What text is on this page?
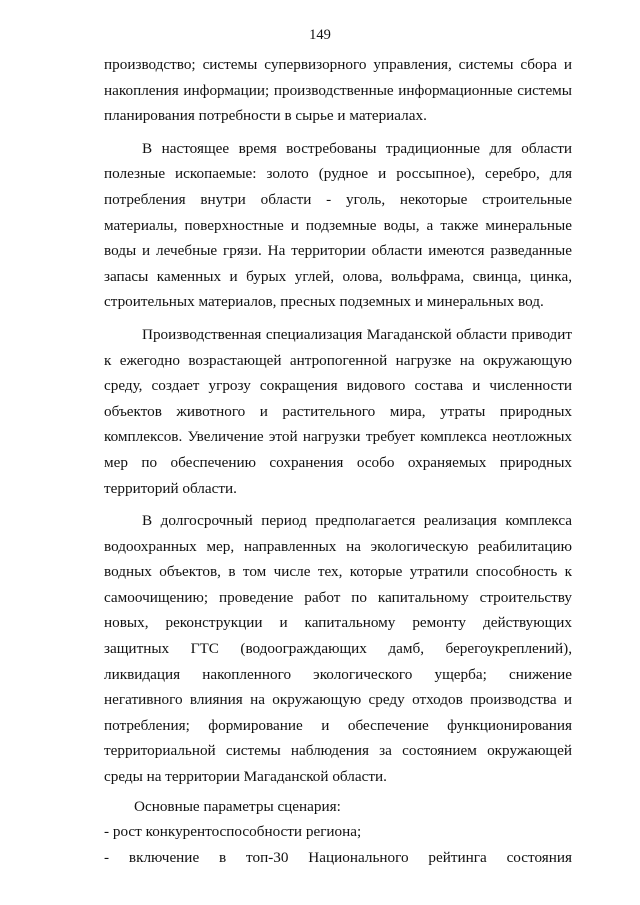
149

производство; системы супервизорного управления, системы сбора и накопления информации; производственные информационные системы планирования потребности в сырье и материалах.

В настоящее время востребованы традиционные для области полезные ископаемые: золото (рудное и россыпное), серебро, для потребления внутри области - уголь, некоторые строительные материалы, поверхностные и подземные воды, а также минеральные воды и лечебные грязи. На территории области имеются разведанные запасы каменных и бурых углей, олова, вольфрама, свинца, цинка, строительных материалов, пресных подземных и минеральных вод.

Производственная специализация Магаданской области приводит к ежегодно возрастающей антропогенной нагрузке на окружающую среду, создает угрозу сокращения видового состава и численности объектов животного и растительного мира, утраты природных комплексов. Увеличение этой нагрузки требует комплекса неотложных мер по обеспечению сохранения особо охраняемых природных территорий области.

В долгосрочный период предполагается реализация комплекса водоохранных мер, направленных на экологическую реабилитацию водных объектов, в том числе тех, которые утратили способность к самоочищению; проведение работ по капитальному строительству новых, реконструкции и капитальному ремонту действующих защитных ГТС (водоограждающих дамб, берегоукреплений), ликвидация накопленного экологического ущерба; снижение негативного влияния на окружающую среду отходов производства и потребления; формирование и обеспечение функционирования территориальной системы наблюдения за состоянием окружающей среды на территории Магаданской области.

Основные параметры сценария:

- рост конкурентоспособности региона;

- включение в топ-30 Национального рейтинга состояния
